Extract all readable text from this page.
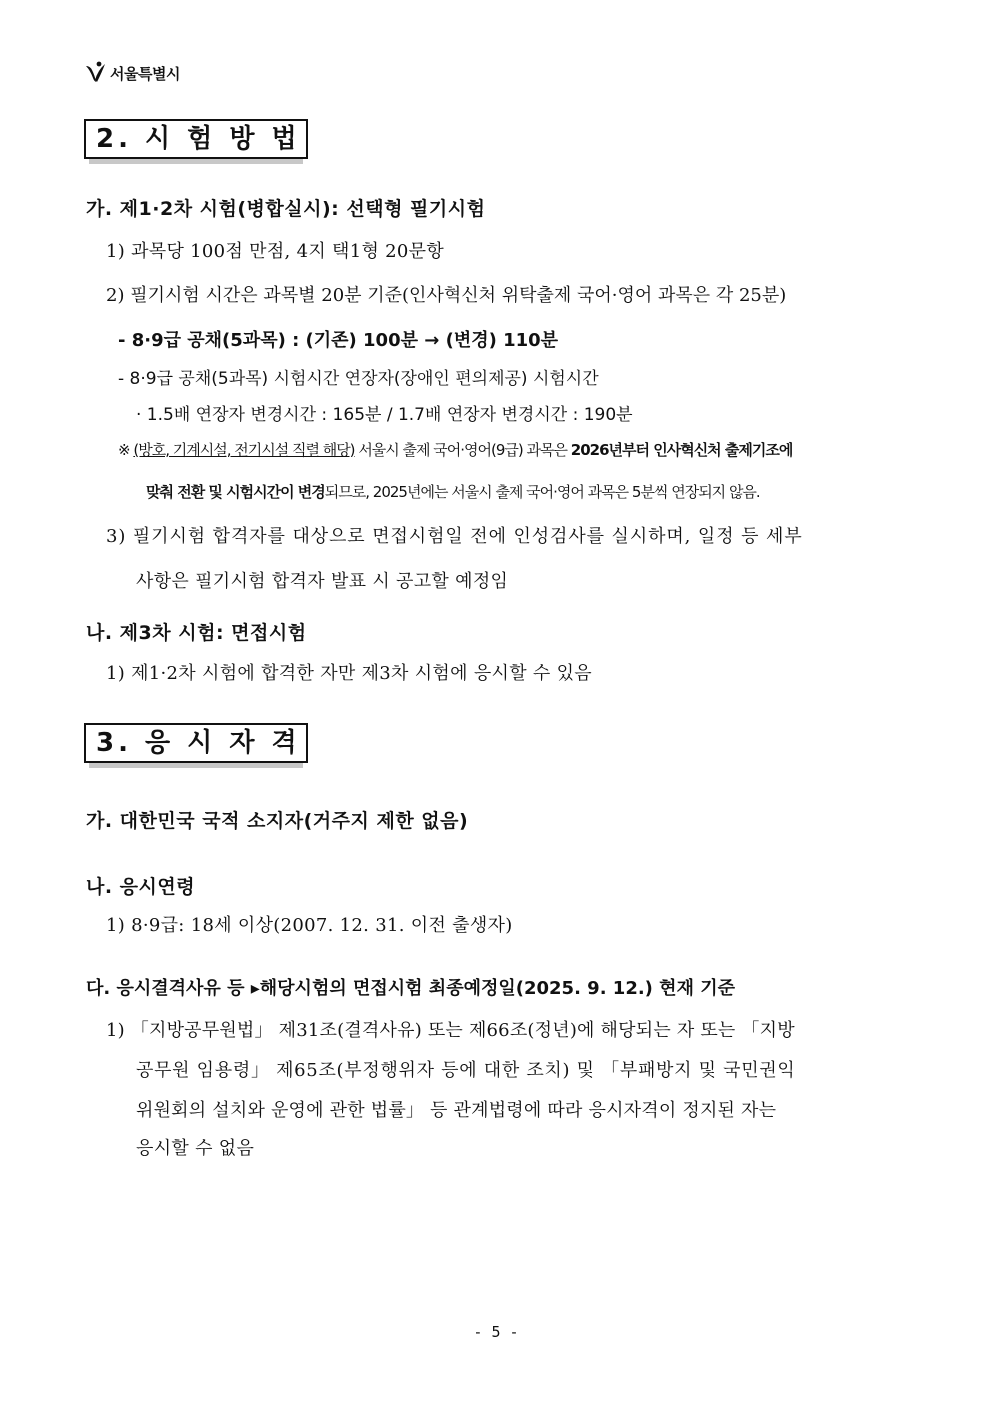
서울특별시
2. 시 험 방 법
가. 제1·2차 시험(병합실시): 선택형 필기시험
1) 과목당 100점 만점, 4지 택1형 20문항
2) 필기시험 시간은 과목별 20분 기준(인사혁신처 위탁출제 국어·영어 과목은 각 25분)
- 8·9급 공채(5과목) : (기존) 100분 → (변경) 110분
- 8·9급 공채(5과목) 시험시간 연장자(장애인 편의제공) 시험시간
· 1.5배 연장자 변경시간 : 165분 / 1.7배 연장자 변경시간 : 190분
※ (방호, 기계시설, 전기시설 직렬 해당) 서울시 출제 국어·영어(9급) 과목은 2026년부터 인사혁신처 출제기조에
맞춰 전환 및 시험시간이 변경되므로, 2025년에는 서울시 출제 국어·영어 과목은 5분씩 연장되지 않음.
3) 필기시험 합격자를 대상으로 면접시험일 전에 인성검사를 실시하며, 일정 등 세부
사항은 필기시험 합격자 발표 시 공고할 예정임
나. 제3차 시험: 면접시험
1) 제1·2차 시험에 합격한 자만 제3차 시험에 응시할 수 있음
3. 응 시 자 격
가. 대한민국 국적 소지자(거주지 제한 없음)
나. 응시연령
1) 8·9급: 18세 이상(2007. 12. 31. 이전 출생자)
다. 응시결격사유 등 ▸해당시험의 면접시험 최종예정일(2025. 9. 12.) 현재 기준
1) 「지방공무원법」 제31조(결격사유) 또는 제66조(정년)에 해당되는 자 또는 「지방
공무원 임용령」 제65조(부정행위자 등에 대한 조치) 및 「부패방지 및 국민권익
위원회의 설치와 운영에 관한 법률」 등 관계법령에 따라 응시자격이 정지된 자는
응시할 수 없음
- 5 -
